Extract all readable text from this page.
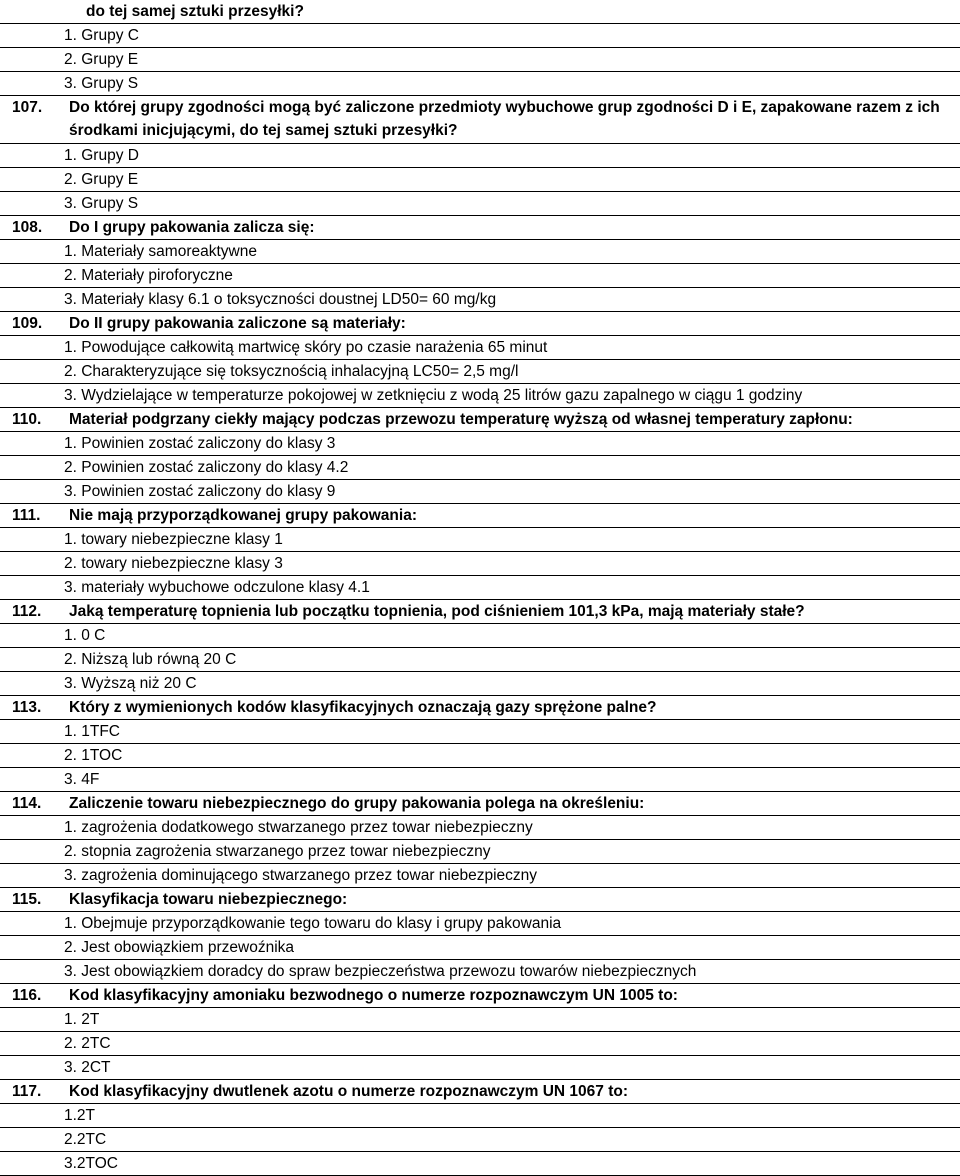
do tej samej sztuki przesyłki?
1. Grupy C
2. Grupy E
3. Grupy S
107. Do której grupy zgodności mogą być zaliczone przedmioty wybuchowe grup zgodności D i E, zapakowane razem z ich środkami inicjującymi, do tej samej sztuki przesyłki?
1. Grupy D
2. Grupy E
3. Grupy S
108. Do I grupy pakowania zalicza się:
1. Materiały samoreaktywne
2. Materiały piroforyczne
3. Materiały klasy 6.1 o toksyczności doustnej LD50= 60 mg/kg
109. Do II grupy pakowania zaliczone są materiały:
1. Powodujące całkowitą martwicę skóry po czasie narażenia 65 minut
2. Charakteryzujące się toksycznością inhalacyjną LC50= 2,5 mg/l
3. Wydzielające w temperaturze pokojowej w zetknięciu z wodą 25 litrów gazu zapalnego w ciągu 1 godziny
110. Materiał podgrzany ciekły mający podczas przewozu temperaturę wyższą od własnej temperatury zapłonu:
1. Powinien zostać zaliczony do klasy 3
2. Powinien zostać zaliczony do klasy 4.2
3. Powinien zostać zaliczony do klasy 9
111. Nie mają przyporządkowanej grupy pakowania:
1. towary niebezpieczne klasy 1
2. towary niebezpieczne klasy 3
3. materiały wybuchowe odczulone klasy 4.1
112. Jaką temperaturę topnienia lub początku topnienia, pod ciśnieniem 101,3 kPa, mają materiały stałe?
1. 0 C
2. Niższą lub równą 20 C
3. Wyższą niż 20 C
113. Który z wymienionych kodów klasyfikacyjnych oznaczają gazy sprężone palne?
1. 1TFC
2. 1TOC
3. 4F
114. Zaliczenie towaru niebezpiecznego do grupy pakowania polega na określeniu:
1. zagrożenia dodatkowego stwarzanego przez towar niebezpieczny
2. stopnia zagrożenia stwarzanego przez towar niebezpieczny
3. zagrożenia dominującego stwarzanego przez towar niebezpieczny
115. Klasyfikacja towaru niebezpiecznego:
1. Obejmuje przyporządkowanie tego towaru do klasy i grupy pakowania
2. Jest obowiązkiem przewoźnika
3. Jest obowiązkiem doradcy do spraw bezpieczeństwa przewozu towarów niebezpiecznych
116. Kod klasyfikacyjny amoniaku bezwodnego o numerze rozpoznawczym UN 1005 to:
1. 2T
2. 2TC
3. 2CT
117. Kod klasyfikacyjny dwutlenek azotu o numerze rozpoznawczym UN 1067 to:
1.2T
2.2TC
3.2TOC
